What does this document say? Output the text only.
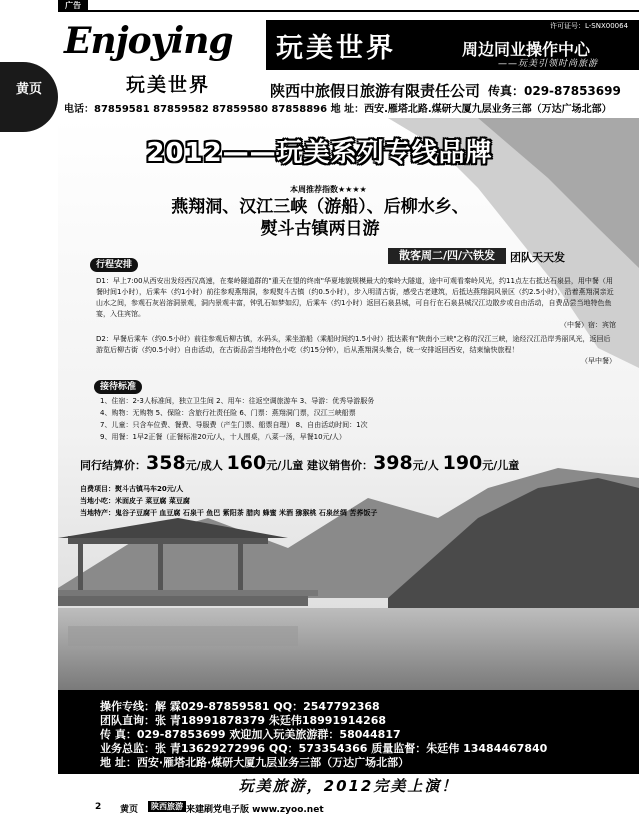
广告
黄页
Enjoying
玩美世界
玩美世界
许可证号：L-SNX00064
周边同业操作中心
——玩美引领时尚旅游
陕西中旅假日旅游有限责任公司 传真：029-87853699
电话：87859581 87859582 87859580 87858896 地 址：西安.雁塔北路.煤研大厦九层业务三部（万达广场北部）
2012——玩美系列专线品牌
本周推荐指数★★★★
燕翔洞、汉江三峡（游船）、后柳水乡、
熨斗古镇两日游
散客周二/四/六铁发	团队天天发
行程安排
D1：早上7:00从西安出发经西汉高速，在秦岭隧道群的"重天在望的终南"华夏地貌规模最大的秦岭大隧道，途中可观看秦岭风光，约11点左右抵达石泉县，用中餐（用餐时间1小时），后乘车（约1小时）前往参观燕翔洞，参观熨斗古镇（约0.5小时），步入明清古街，感受古老建筑，后抵达燕翔洞风景区（约2.5小时），沿着燕翔洞亲近山水之间，参观石灰岩溶洞景观，洞内景观丰富，钟乳石如梦如幻，后乘车（约1小时）返回石泉县城，可自行在石泉县城汉江边散步或自由活动，自费品尝当地特色鱼宴，入住宾馆。
（中餐）宿：宾馆
D2：早餐后乘车（约0.5小时）前往参观后柳古镇，水码头，乘坐游船（乘船时间约1.5小时）抵达素有"陕南小三峡"之称的汉江三峡，途经汉江沿岸秀丽风光，返回后游览后柳古街（约0.5小时）自由活动，在古街品尝当地特色小吃（约15分钟），后从燕翔洞头集合，统一安排返回西安，结束愉快旅程！
（早中餐）
接待标准
1、住宿：2-3人标准间，独立卫生间 2、用车：往返空调旅游车 3、导游：优秀导游服务
4、购物：无购物 5、保险：含旅行社责任险 6、门票：燕翔洞门票，汉江三峡船票
7、儿童：只含车位费、餐费、导服费（产生门票、船票自理） 8、自由活动时间：1次
9、用餐：1早2正餐（正餐标准20元/人，十人围桌，八菜一汤，早餐10元/人）
同行结算价：358元/成人 160元/儿童 建议销售价：398元/人 190元/儿童
自费项目：熨斗古镇马车20元/人
当地小吃：米面皮子 菜豆腐 菜豆腐
当地特产：鬼谷子豆腐干 血豆腐 石泉干 鱼巴 紫阳茶 腊肉 蜂蜜 米酒 猕猴桃 石泉丝绸 苦荞饭子
操作专线：解 霖029-87859581 QQ：2547792368
团队直询：张 青18991878379 朱廷伟18991914268
传 真：029-87853699 欢迎加入玩美旅游群：58044817
业务总监：张 青13629272996 QQ：573354366 质量监督：朱廷伟 13484467840
地 址：西安·雁塔北路·煤研大厦九层业务三部（万达广场北部）
玩美旅游，2012完美上演！
2 黄页	陕西旅游 来建刷党电子版 www.zyoo.net
